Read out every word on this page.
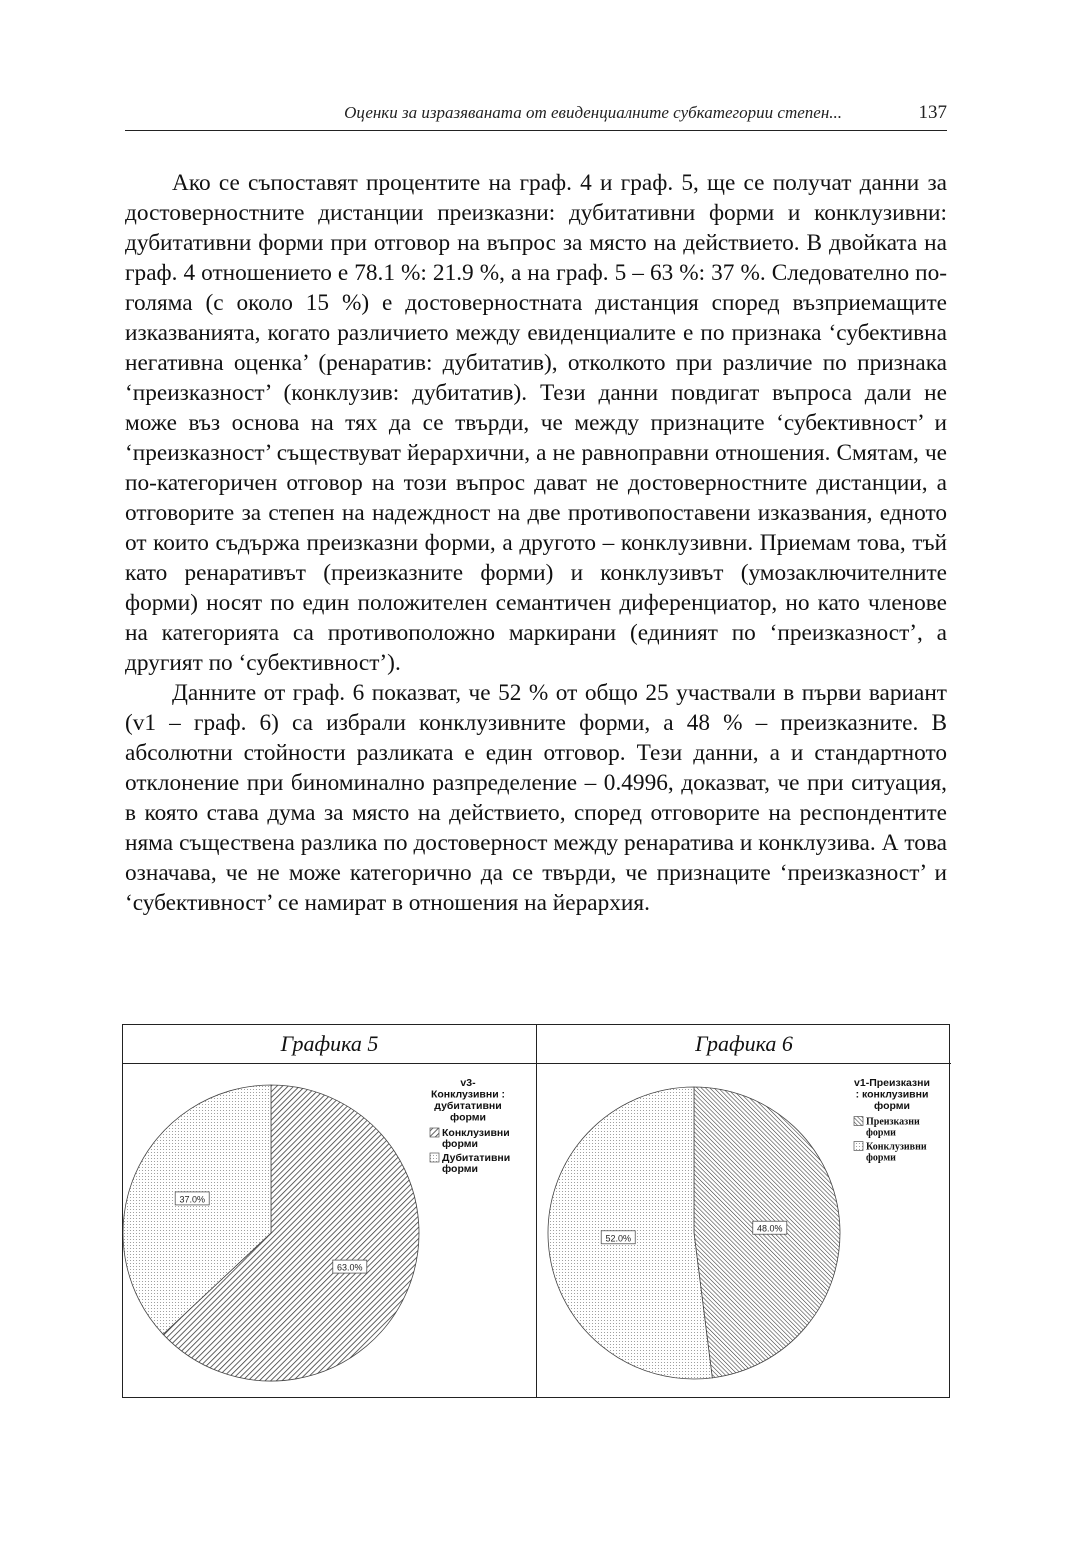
Оценки за изразяваната от евиденциалните субкатегории степен...	137

Ако се съпоставят процентите на граф. 4 и граф. 5, ще се получат данни за достоверностните дистанции преизказни: дубитативни форми и конклузивни: дубитативни форми при отговор на въпрос за място на действието. В двойката на граф. 4 отношението е 78.1 %: 21.9 %, а на граф. 5 – 63 %: 37 %. Следователно по-голяма (с около 15 %) е достоверностната дистанция според възприемащите изказванията, когато различието между евиденциалите е по признака ‘субективна негативна оценка’ (ренаратив: дубитатив), отколкото при различие по признака ‘преизказност’ (конклузив: дубитатив). Тези данни повдигат въпроса дали не може въз основа на тях да се твърди, че между признаците ‘субективност’ и ‘преизказност’ съществуват йерархични, а не равноправни отношения. Смятам, че по-категоричен отговор на този въпрос дават не достоверностните дистанции, а отговорите за степен на надеждност на две противопоставени изказвания, едното от които съдържа преизказни форми, а другото – конклузивни. Приемам това, тъй като ренаративът (преизказните форми) и конклузивът (умозаключителните форми) носят по един положителен семантичен диференциатор, но като членове на категорията са противоположно маркирани (единият по ‘преизказност’, а другият по ‘субективност’).

Данните от граф. 6 показват, че 52 % от общо 25 участвали в първи вариант (v1 – граф. 6) са избрали конклузивните форми, а 48 % – преизказните. В абсолютни стойности разликата е един отговор. Тези данни, а и стандартното отклонение при биноминално разпределение – 0.4996, доказват, че при ситуация, в която става дума за място на действието, според отговорите на респондентите няма съществена разлика по достоверност между ренаратива и конклузива. А това означава, че не може категорично да се твърди, че признаците ‘преизказност’ и ‘субективност’ се намират в отношения на йерархия.

Графика 5
63.0%
37.0%
v3-
Конклузивни :
дубитативни
форми
Конклузивни
форми
Дубитативни
форми
Графика 6
48.0%
52.0%
v1-Преизказни
: конклузивни
форми
Преизказни
форми
Конклузивни
форми
